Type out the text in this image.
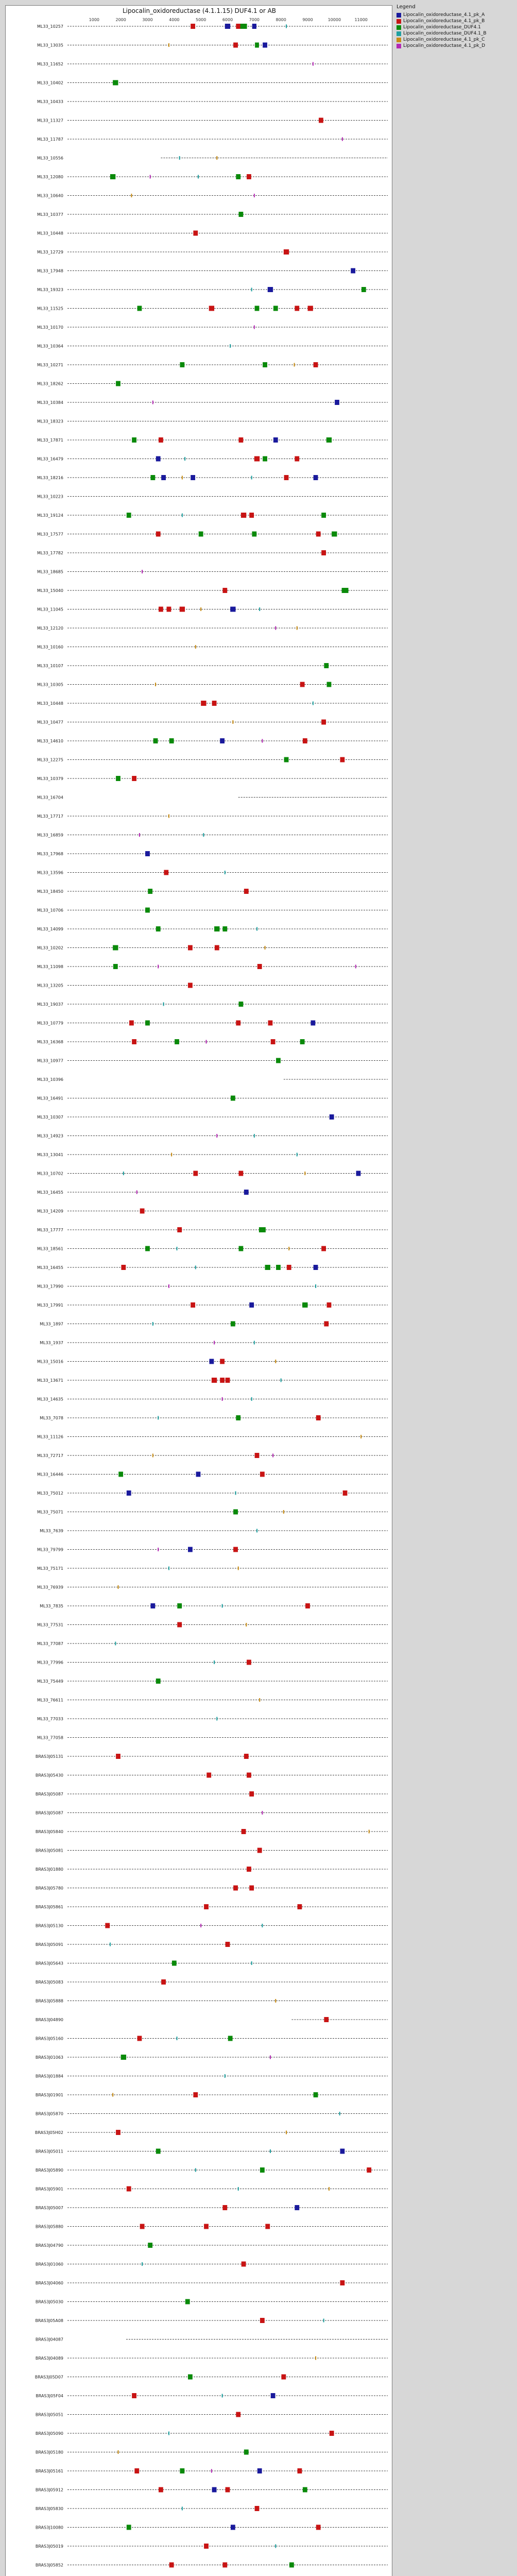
Lipocalin_oxidoreductase (4.1.1.15) DUF4.1 or AB
1000	2000	3000	4000	5000	6000	7000	8000	9000	10000	11000
ML33_10257
ML33_13035
ML33_11652
ML33_10402
ML33_10433
ML33_11327
ML33_11787
ML33_10556
ML33_12080
ML33_10640
ML33_10377
ML33_10448
ML33_12729
ML33_17948
ML33_19323
ML33_11525
ML33_10170
ML33_10364
ML33_10271
ML33_18262
ML33_10384
ML33_18323
ML33_17871
ML33_16479
ML33_18216
ML33_10223
ML33_19124
ML33_17577
ML33_17782
ML33_18685
ML33_15040
ML33_11045
ML33_12120
ML33_10160
ML33_10107
ML33_10305
ML33_10448
ML33_10477
ML33_14610
ML33_12275
ML33_10379
ML33_16704
ML33_17717
ML33_16859
ML33_17968
ML33_13596
ML33_18450
ML33_10706
ML33_14099
ML33_10202
ML33_11098
ML33_13205
ML33_19037
ML33_10779
ML33_16368
ML33_10977
ML33_10396
ML33_16491
ML33_10307
ML33_14923
ML33_13041
ML33_10702
ML33_16455
ML33_14209
ML33_17777
ML33_18561
ML33_16455
ML33_17990
ML33_17991
ML33_1897
ML33_1937
ML33_15016
ML33_13671
ML33_14635
ML33_7078
ML33_11126
ML33_72717
ML33_16446
ML33_75012
ML33_75071
ML33_7639
ML33_79799
ML33_75171
ML33_76939
ML33_7835
ML33_77531
ML33_77087
ML33_77996
ML33_75449
ML33_76611
ML33_77033
ML33_77058
BRAS3J05131
BRAS3J05430
BRAS3J05087
BRAS3J05087
BRAS3J05840
BRAS3J05081
BRAS3J01880
BRAS3J05780
BRAS3J05861
BRAS3J05130
BRAS3J05091
BRAS3J05643
BRAS3J05083
BRAS3J05888
BRAS3J04890
BRAS3J05160
BRAS3J01063
BRAS3J01884
BRAS3J01901
BRAS3J05870
BRAS3J05H02
BRAS3J05011
BRAS3J05890
BRAS3J05901
BRAS3J05007
BRAS3J05880
BRAS3J04790
BRAS3J01060
BRAS3J04060
BRAS3J05030
BRAS3J05A08
BRAS3J04087
BRAS3J04089
BRAS3J05D07
BRAS3J05F04
BRAS3J05051
BRAS3J05090
BRAS3J05180
BRAS3J05161
BRAS3J05912
BRAS3J05830
BRAS3J10080
BRAS3J05019
BRAS3J05852
Legend
Lipocalin_oxidoreductase_4.1_pk_A
Lipocalin_oxidoreductase_4.1_pk_B
Lipocalin_oxidoreductase_DUF4.1
Lipocalin_oxidoreductase_DUF4.1_B
Lipocalin_oxidoreductase_4.1_pk_C
Lipocalin_oxidoreductase_4.1_pk_D
